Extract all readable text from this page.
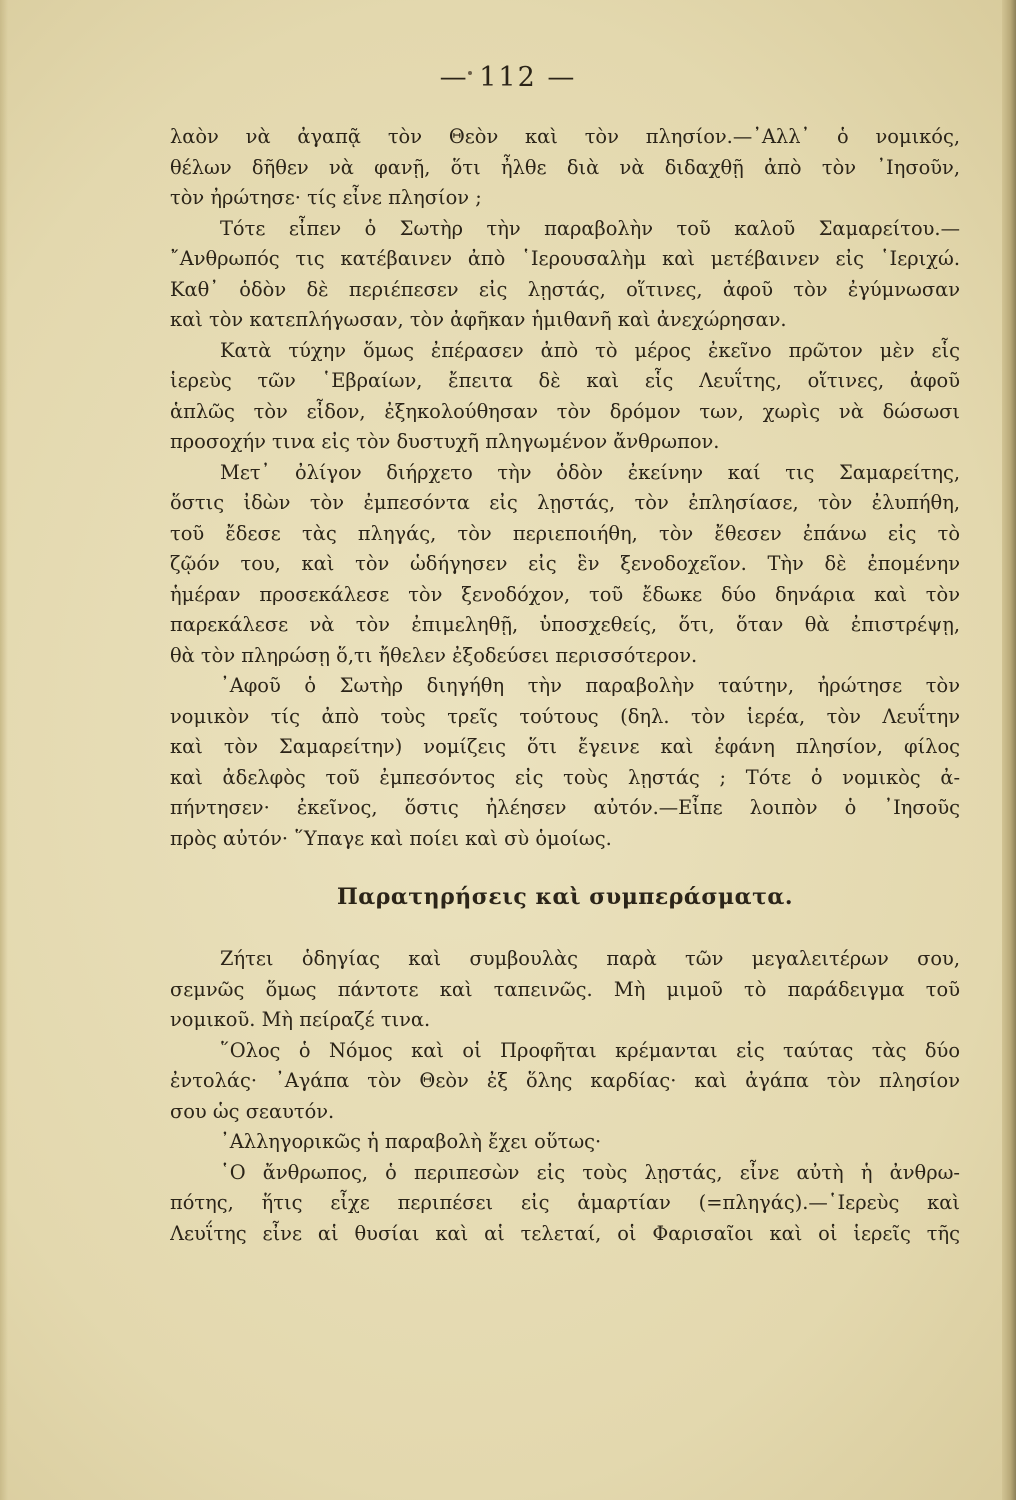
— 112 —
λαὸν νὰ ἀγαπᾷ τὸν Θεὸν καὶ τὸν πλησίον.—᾿Αλλ᾿ ὁ νομικός,
θέλων δῆθεν νὰ φανῇ, ὅτι ἦλθε διὰ νὰ διδαχθῇ ἀπὸ τὸν ᾿Ιησοῦν,
τὸν ἠρώτησε· τίς εἶνε πλησίον ;
Τότε εἶπεν ὁ Σωτὴρ τὴν παραβολὴν τοῦ καλοῦ Σαμαρείτου.—
῎Ανθρωπός τις κατέβαινεν ἀπὸ ῾Ιερουσαλὴμ καὶ μετέβαινεν εἰς ῾Ιεριχώ.
Καθ᾿ ὁδὸν δὲ περιέπεσεν εἰς λῃστάς, οἵτινες, ἀφοῦ τὸν ἐγύμνωσαν
καὶ τὸν κατεπλήγωσαν, τὸν ἀφῆκαν ἡμιθανῆ καὶ ἀνεχώρησαν.
Κατὰ τύχην ὅμως ἐπέρασεν ἀπὸ τὸ μέρος ἐκεῖνο πρῶτον μὲν εἷς
ἱερεὺς τῶν ῾Εβραίων, ἔπειτα δὲ καὶ εἷς Λευΐτης, οἵτινες, ἀφοῦ
ἁπλῶς τὸν εἶδον, ἐξηκολούθησαν τὸν δρόμον των, χωρὶς νὰ δώσωσι
προσοχήν τινα εἰς τὸν δυστυχῆ πληγωμένον ἄνθρωπον.
Μετ᾿ ὀλίγον διήρχετο τὴν ὁδὸν ἐκείνην καί τις Σαμαρείτης,
ὅστις ἰδὼν τὸν ἐμπεσόντα εἰς λῃστάς, τὸν ἐπλησίασε, τὸν ἐλυπήθη,
τοῦ ἔδεσε τὰς πληγάς, τὸν περιεποιήθη, τὸν ἔθεσεν ἐπάνω εἰς τὸ
ζῷόν του, καὶ τὸν ὡδήγησεν εἰς ἓν ξενοδοχεῖον. Τὴν δὲ ἐπομένην
ἡμέραν προσεκάλεσε τὸν ξενοδόχον, τοῦ ἔδωκε δύο δηνάρια καὶ τὸν
παρεκάλεσε νὰ τὸν ἐπιμεληθῇ, ὑποσχεθείς, ὅτι, ὅταν θὰ ἐπιστρέψῃ,
θὰ τὸν πληρώσῃ ὅ,τι ἤθελεν ἐξοδεύσει περισσότερον.
᾿Αφοῦ ὁ Σωτὴρ διηγήθη τὴν παραβολὴν ταύτην, ἠρώτησε τὸν
νομικὸν τίς ἀπὸ τοὺς τρεῖς τούτους (δηλ. τὸν ἱερέα, τὸν Λευΐτην
καὶ τὸν Σαμαρείτην) νομίζεις ὅτι ἔγεινε καὶ ἐφάνη πλησίον, φίλος
καὶ ἀδελφὸς τοῦ ἐμπεσόντος εἰς τοὺς λῃστάς ; Τότε ὁ νομικὸς ἀ-
πήντησεν· ἐκεῖνος, ὅστις ἠλέησεν αὐτόν.—Εἶπε λοιπὸν ὁ ᾿Ιησοῦς
πρὸς αὐτόν· ῞Υπαγε καὶ ποίει καὶ σὺ ὁμοίως.
Παρατηρήσεις καὶ συμπεράσματα.
Ζήτει ὁδηγίας καὶ συμβουλὰς παρὰ τῶν μεγαλειτέρων σου,
σεμνῶς ὅμως πάντοτε καὶ ταπεινῶς. Μὴ μιμοῦ τὸ παράδειγμα τοῦ
νομικοῦ. Μὴ πείραζέ τινα.
῞Ολος ὁ Νόμος καὶ οἱ Προφῆται κρέμανται εἰς ταύτας τὰς δύο
ἐντολάς· ᾿Αγάπα τὸν Θεὸν ἐξ ὅλης καρδίας· καὶ ἀγάπα τὸν πλησίον
σου ὡς σεαυτόν.
᾿Αλληγορικῶς ἡ παραβολὴ ἔχει οὕτως·
῾Ο ἄνθρωπος, ὁ περιπεσὼν εἰς τοὺς λῃστάς, εἶνε αὐτὴ ἡ ἀνθρω-
πότης, ἥτις εἶχε περιπέσει εἰς ἁμαρτίαν (=πληγάς).—῾Ιερεὺς καὶ
Λευΐτης εἶνε αἱ θυσίαι καὶ αἱ τελεταί, οἱ Φαρισαῖοι καὶ οἱ ἱερεῖς τῆς
